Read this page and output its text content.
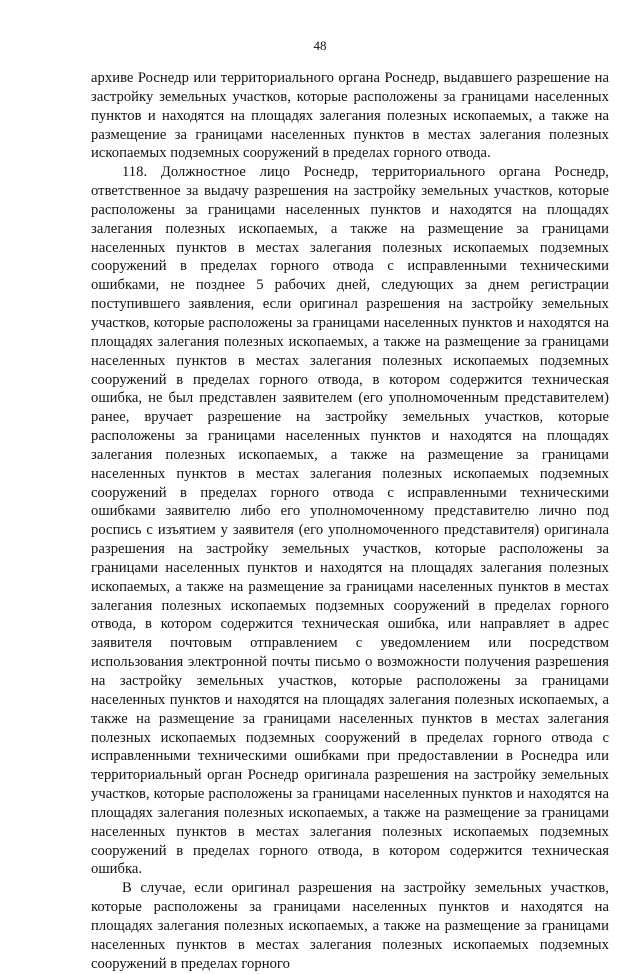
48

архиве Роснедр или территориального органа Роснедр, выдавшего разрешение на застройку земельных участков, которые расположены за границами населенных пунктов и находятся на площадях залегания полезных ископаемых, а также на размещение за границами населенных пунктов в местах залегания полезных ископаемых подземных сооружений в пределах горного отвода.

118. Должностное лицо Роснедр, территориального органа Роснедр, ответственное за выдачу разрешения на застройку земельных участков, которые расположены за границами населенных пунктов и находятся на площадях залегания полезных ископаемых, а также на размещение за границами населенных пунктов в местах залегания полезных ископаемых подземных сооружений в пределах горного отвода с исправленными техническими ошибками, не позднее 5 рабочих дней, следующих за днем регистрации поступившего заявления, если оригинал разрешения на застройку земельных участков, которые расположены за границами населенных пунктов и находятся на площадях залегания полезных ископаемых, а также на размещение за границами населенных пунктов в местах залегания полезных ископаемых подземных сооружений в пределах горного отвода, в котором содержится техническая ошибка, не был представлен заявителем (его уполномоченным представителем) ранее, вручает разрешение на застройку земельных участков, которые расположены за границами населенных пунктов и находятся на площадях залегания полезных ископаемых, а также на размещение за границами населенных пунктов в местах залегания полезных ископаемых подземных сооружений в пределах горного отвода с исправленными техническими ошибками заявителю либо его уполномоченному представителю лично под роспись с изъятием у заявителя (его уполномоченного представителя) оригинала разрешения на застройку земельных участков, которые расположены за границами населенных пунктов и находятся на площадях залегания полезных ископаемых, а также на размещение за границами населенных пунктов в местах залегания полезных ископаемых подземных сооружений в пределах горного отвода, в котором содержится техническая ошибка, или направляет в адрес заявителя почтовым отправлением с уведомлением или посредством использования электронной почты письмо о возможности получения разрешения на застройку земельных участков, которые расположены за границами населенных пунктов и находятся на площадях залегания полезных ископаемых, а также на размещение за границами населенных пунктов в местах залегания полезных ископаемых подземных сооружений в пределах горного отвода с исправленными техническими ошибками при предоставлении в Роснедра или территориальный орган Роснедр оригинала разрешения на застройку земельных участков, которые расположены за границами населенных пунктов и находятся на площадях залегания полезных ископаемых, а также на размещение за границами населенных пунктов в местах залегания полезных ископаемых подземных сооружений в пределах горного отвода, в котором содержится техническая ошибка.

В случае, если оригинал разрешения на застройку земельных участков, которые расположены за границами населенных пунктов и находятся на площадях залегания полезных ископаемых, а также на размещение за границами населенных пунктов в местах залегания полезных ископаемых подземных сооружений в пределах горного
